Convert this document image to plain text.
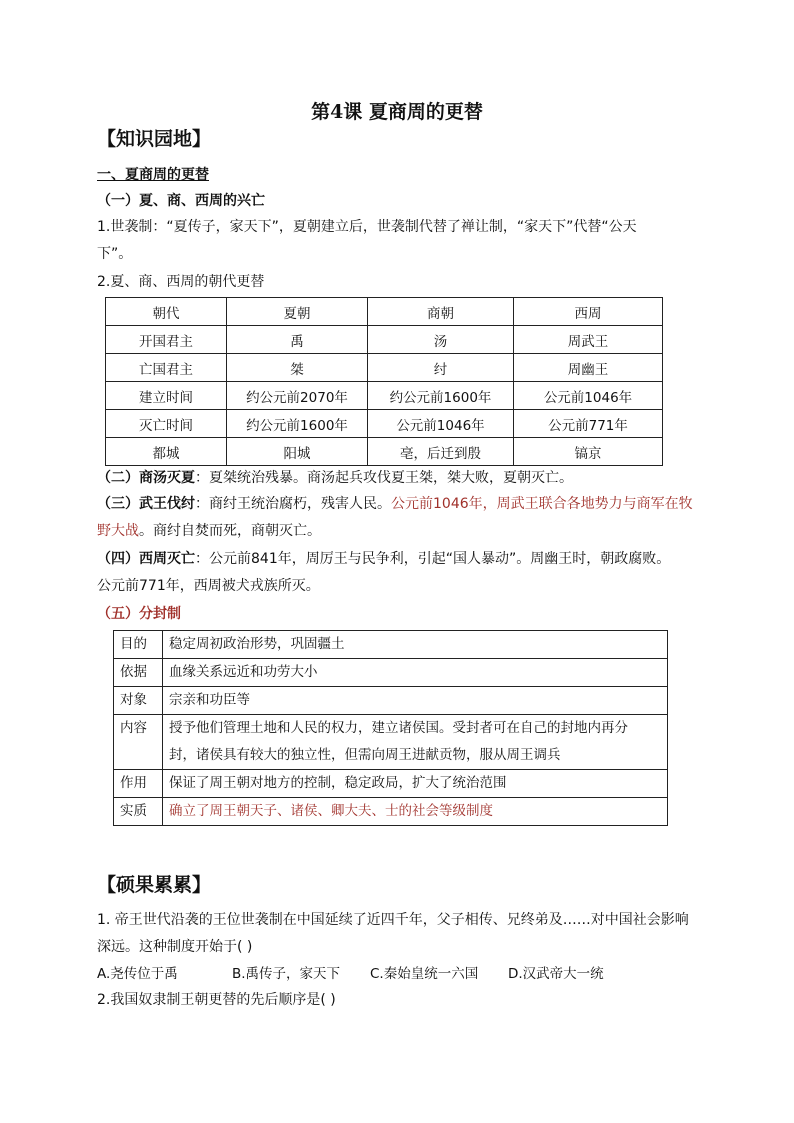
第4课 夏商周的更替
【知识园地】
一、夏商周的更替
（一）夏、商、西周的兴亡
1.世袭制：“夏传子，家天下”，夏朝建立后，世袭制代替了禅让制，“家天下”代替“公天
下”。
2.夏、商、西周的朝代更替
朝代	夏朝	商朝	西周
开国君主	禹	汤	周武王
亡国君主	桀	纣	周幽王
建立时间	约公元前2070年	约公元前1600年	公元前1046年
灭亡时间	约公元前1600年	公元前1046年	公元前771年
都城	阳城	亳，后迁到殷	镐京
（二）商汤灭夏：夏桀统治残暴。商汤起兵攻伐夏王桀，桀大败，夏朝灭亡。
（三）武王伐纣：商纣王统治腐朽，残害人民。公元前1046年，周武王联合各地势力与商军在牧
野大战。商纣自焚而死，商朝灭亡。
（四）西周灭亡：公元前841年，周厉王与民争利，引起“国人暴动”。周幽王时，朝政腐败。
公元前771年，西周被犬戎族所灭。
（五）分封制
目的	稳定周初政治形势，巩固疆土
依据	血缘关系远近和功劳大小
对象	宗亲和功臣等
内容	授予他们管理土地和人民的权力，建立诸侯国。受封者可在自己的封地内再分
封，诸侯具有较大的独立性，但需向周王进献贡物，服从周王调兵

作用	保证了周王朝对地方的控制，稳定政局，扩大了统治范围
实质	确立了周王朝天子、诸侯、卿大夫、士的社会等级制度
【硕果累累】
1. 帝王世代沿袭的王位世袭制在中国延续了近四千年，父子相传、兄终弟及……对中国社会影响
深远。这种制度开始于( )
A.尧传位于禹	B.禹传子，家天下 C.秦始皇统一六国 D.汉武帝大一统
2.我国奴隶制王朝更替的先后顺序是( )
